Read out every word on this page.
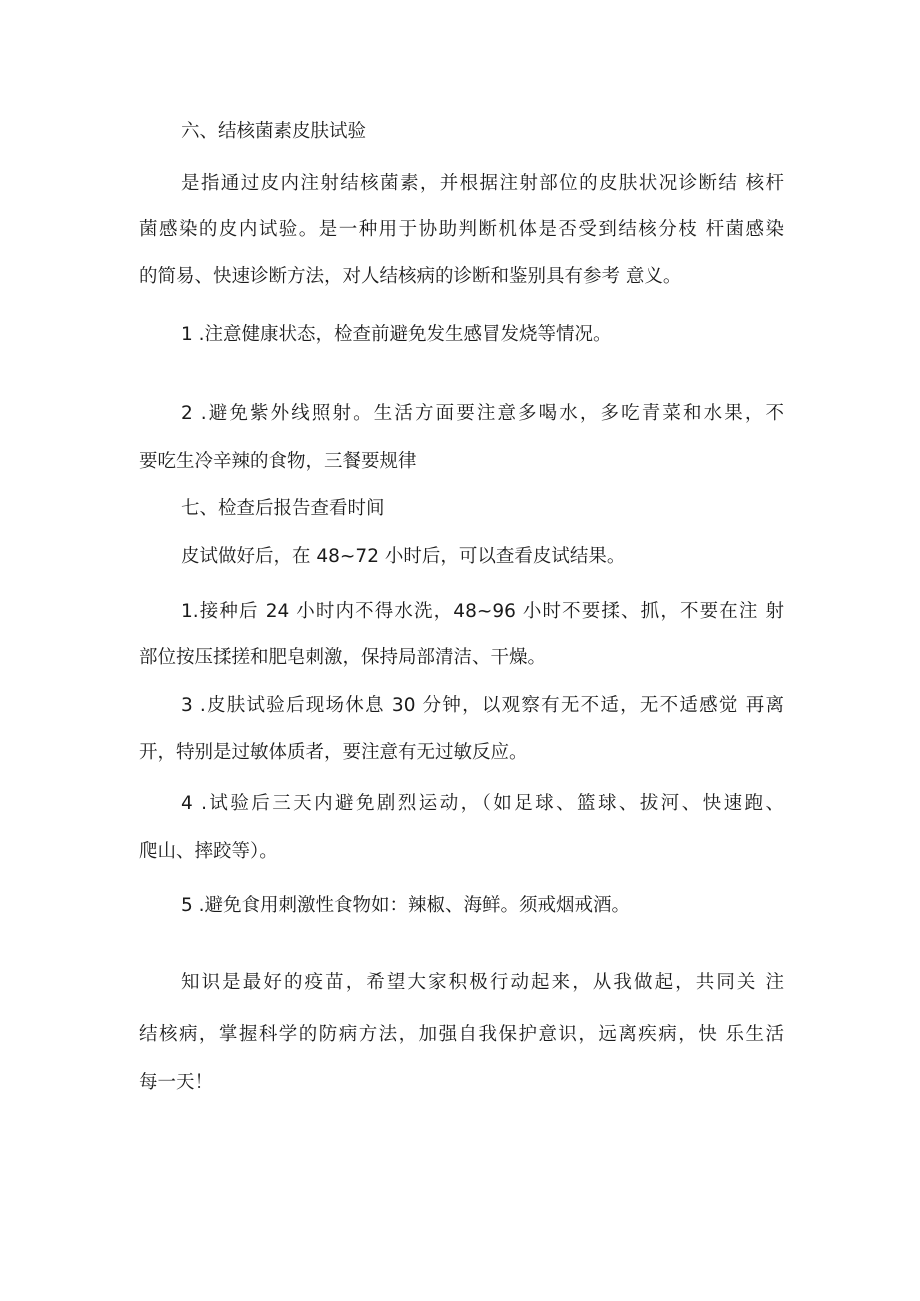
六、结核菌素皮肤试验
是指通过皮内注射结核菌素，并根据注射部位的皮肤状况诊断结 核杆
菌感染的皮内试验。是一种用于协助判断机体是否受到结核分枝 杆菌感染
的简易、快速诊断方法，对人结核病的诊断和鉴别具有参考 意义。
1 .注意健康状态，检查前避免发生感冒发烧等情况。
2 .避免紫外线照射。生活方面要注意多喝水，多吃青菜和水果，不
要吃生冷辛辣的食物，三餐要规律
七、检查后报告查看时间
皮试做好后，在 48~72 小时后，可以查看皮试结果。
1.接种后 24 小时内不得水洗，48~96 小时不要揉、抓，不要在注 射
部位按压揉搓和肥皂刺激，保持局部清洁、干燥。
3 .皮肤试验后现场休息 30 分钟，以观察有无不适，无不适感觉 再离
开，特别是过敏体质者，要注意有无过敏反应。
4 .试验后三天内避免剧烈运动，（如足球、篮球、拔河、快速跑、
爬山、摔跤等）。
5 .避免食用刺激性食物如：辣椒、海鲜。须戒烟戒酒。
知识是最好的疫苗，希望大家积极行动起来，从我做起，共同关 注
结核病，掌握科学的防病方法，加强自我保护意识，远离疾病，快 乐生活
每一天！
